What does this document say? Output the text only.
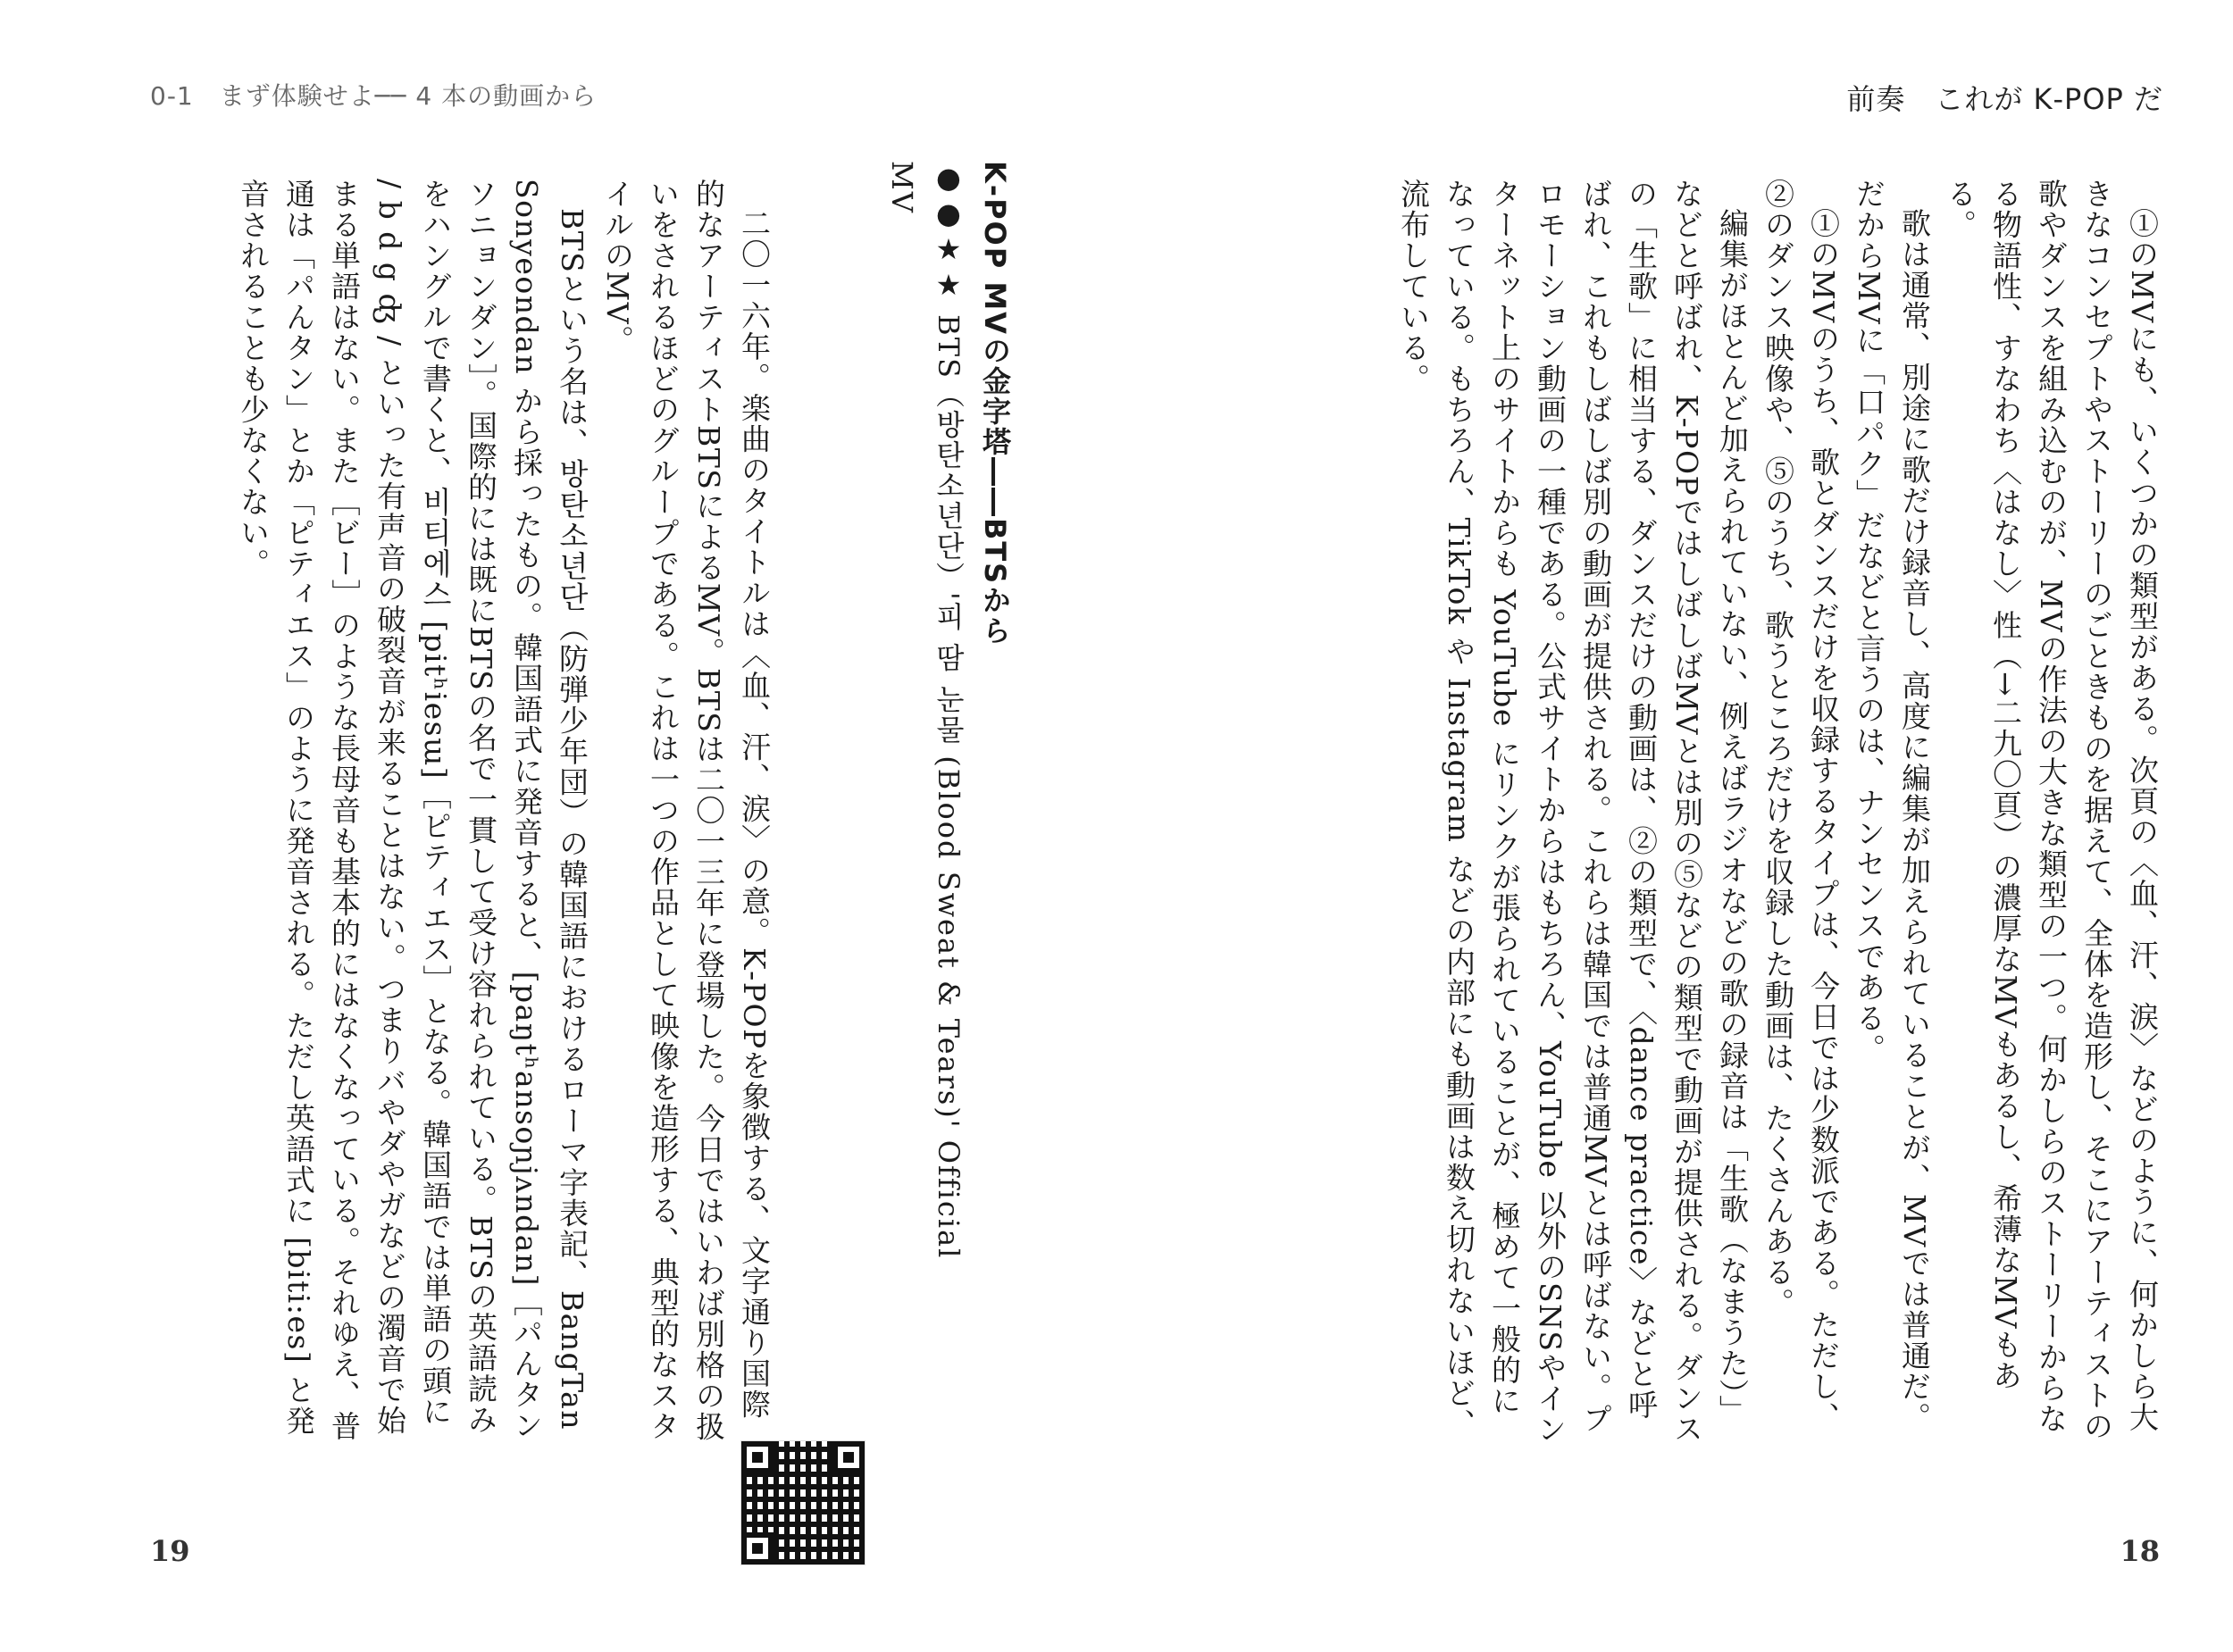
0-1　まず体験せよ── 4 本の動画から
K‐POP MVの金字塔――BTSから
●●★★ BTS（방탄소년단）'피 땀 눈물 (Blood Sweat & Tears)' Official MV

二〇一六年。楽曲のタイトルは〈血、汗、涙〉の意。K‐POPを象徴する、文字通り国際的なアーティストBTSによるMV。BTSは二〇一三年に登場した。今日ではいわば別格の扱いをされるほどのグループである。これは一つの作品として映像を造形する、典型的なスタイルのMV。

BTSという名は、방탄소년단（防弾少年団）の韓国語におけるローマ字表記、BangTan Sonyeondan から採ったもの。韓国語式に発音すると、[paŋtʰansoɲjʌndan]［パんタン ソニョンダン］。国際的には既にBTSの名で一貫して受け容れられている。BTSの英語読みをハングルで書くと、비티에스 [pitʰiesɯ]［ピティエス］となる。韓国語では単語の頭に / b d g ʤ / といった有声音の破裂音が来ることはない。つまりバやダやガなどの濁音で始まる単語はない。また［ビー］のような長母音も基本的にはなくなっている。それゆえ、普通は「パんタン」とか「ピティエス」のように発音される。ただし英語式に [biti:es] と発音されることも少なくない。

19
前奏　これが K‐POP だ

①のMVにも、いくつかの類型がある。次頁の〈血、汗、涙〉などのように、何かしら大きなコンセプトやストーリーのごときものを据えて、全体を造形し、そこにアーティストの歌やダンスを組み込むのが、MVの作法の大きな類型の一つ。何かしらのストーリーからなる物語性、すなわち〈はなし〉性（→二九〇頁）の濃厚なMVもあるし、希薄なMVもある。

歌は通常、別途に歌だけ録音し、高度に編集が加えられていることが、MVでは普通だ。だからMVに「口パク」だなどと言うのは、ナンセンスである。

①のMVのうち、歌とダンスだけを収録するタイプは、今日では少数派である。ただし、②のダンス映像や、⑤のうち、歌うところだけを収録した動画は、たくさんある。

編集がほとんど加えられていない、例えばラジオなどの歌の録音は「生歌（なまうた）」などと呼ばれ、K‐POPではしばしばMVとは別の⑤などの類型で動画が提供される。ダンスの「生歌」に相当する、ダンスだけの動画は、②の類型で、〈dance practice〉などと呼ばれ、これもしばしば別の動画が提供される。これらは韓国では普通MVとは呼ばない。プロモーション動画の一種である。公式サイトからはもちろん、YouTube 以外のSNSやインターネット上のサイトからも YouTube にリンクが張られていることが、極めて一般的になっている。もちろん、TikTok や Instagram などの内部にも動画は数え切れないほど、流布している。

18
